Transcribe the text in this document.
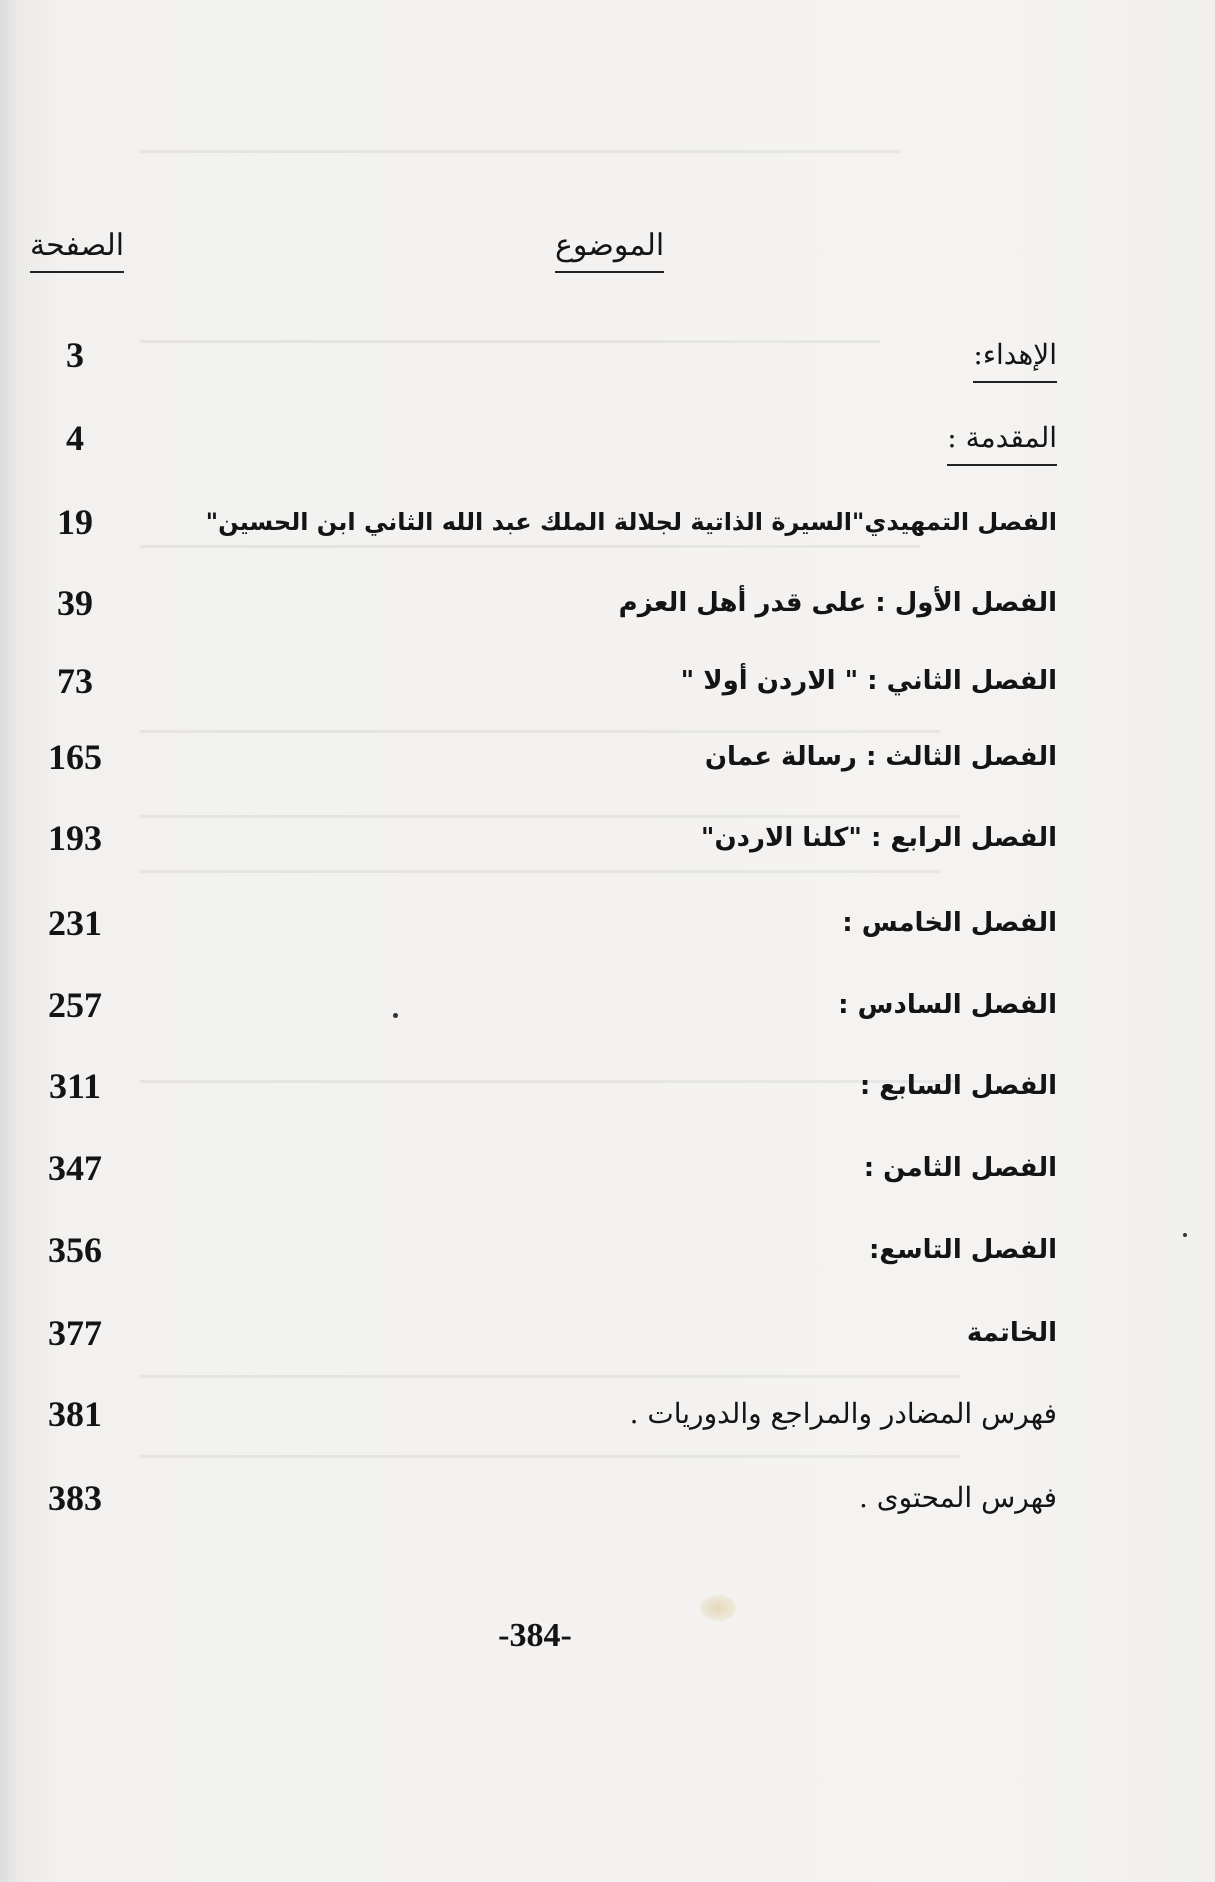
الموضوع
الصفحة
الإهداء:
3
المقدمة :
4
الفصل التمهيدي"السيرة الذاتية لجلالة الملك عبد الله الثاني ابن الحسين"
19
الفصل الأول : على قدر أهل العزم
39
الفصل الثاني : " الاردن أولا "
73
الفصل الثالث : رسالة عمان
165
الفصل الرابع : "كلنا الاردن"
193
الفصل الخامس :
231
الفصل السادس :
257
الفصل السابع :
311
الفصل الثامن :
347
الفصل التاسع:
356
الخاتمة
377
فهرس المضادر والمراجع والدوريات .
381
فهرس المحتوى .
383
-384-
